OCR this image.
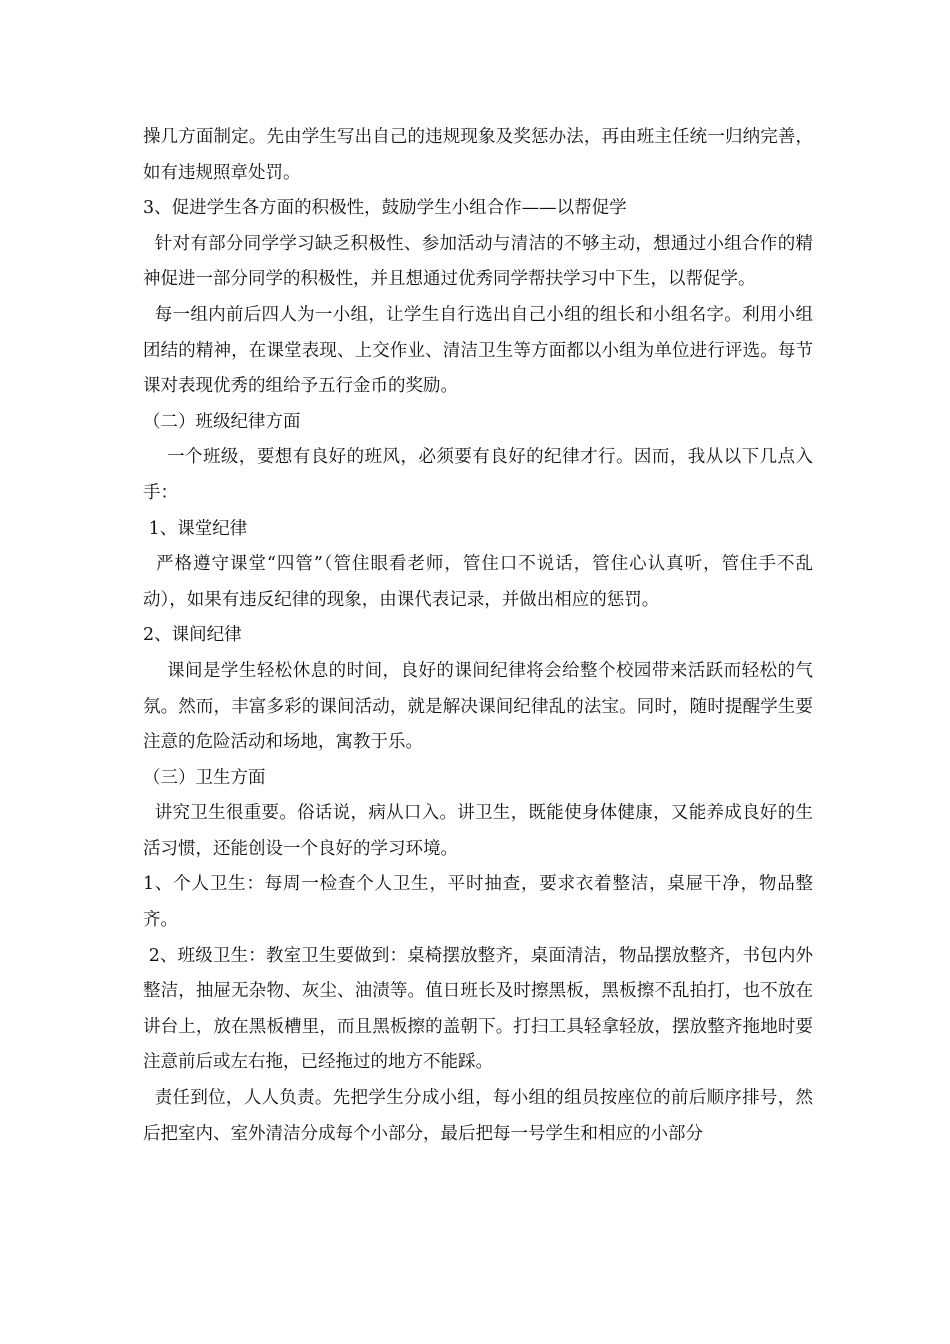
操几方面制定。先由学生写出自己的违规现象及奖惩办法，再由班主任统一归纳完善，如有违规照章处罚。

3、促进学生各方面的积极性，鼓励学生小组合作——以帮促学

针对有部分同学学习缺乏积极性、参加活动与清洁的不够主动，想通过小组合作的精神促进一部分同学的积极性，并且想通过优秀同学帮扶学习中下生，以帮促学。

每一组内前后四人为一小组，让学生自行选出自己小组的组长和小组名字。利用小组团结的精神，在课堂表现、上交作业、清洁卫生等方面都以小组为单位进行评选。每节课对表现优秀的组给予五行金币的奖励。

（二）班级纪律方面

一个班级，要想有良好的班风，必须要有良好的纪律才行。因而，我从以下几点入手：

1、课堂纪律

严格遵守课堂“四管”（管住眼看老师，管住口不说话，管住心认真听，管住手不乱动），如果有违反纪律的现象，由课代表记录，并做出相应的惩罚。

2、课间纪律

课间是学生轻松休息的时间，良好的课间纪律将会给整个校园带来活跃而轻松的气氛。然而，丰富多彩的课间活动，就是解决课间纪律乱的法宝。同时，随时提醒学生要注意的危险活动和场地，寓教于乐。

（三）卫生方面

讲究卫生很重要。俗话说，病从口入。讲卫生，既能使身体健康，又能养成良好的生活习惯，还能创设一个良好的学习环境。

1、个人卫生：每周一检查个人卫生，平时抽查，要求衣着整洁，桌屉干净，物品整齐。

2、班级卫生：教室卫生要做到：桌椅摆放整齐，桌面清洁，物品摆放整齐，书包内外整洁，抽屉无杂物、灰尘、油渍等。值日班长及时擦黑板，黑板擦不乱拍打，也不放在讲台上，放在黑板槽里，而且黑板擦的盖朝下。打扫工具轻拿轻放，摆放整齐拖地时要注意前后或左右拖，已经拖过的地方不能踩。

责任到位，人人负责。先把学生分成小组，每小组的组员按座位的前后顺序排号，然后把室内、室外清洁分成每个小部分，最后把每一号学生和相应的小部分
